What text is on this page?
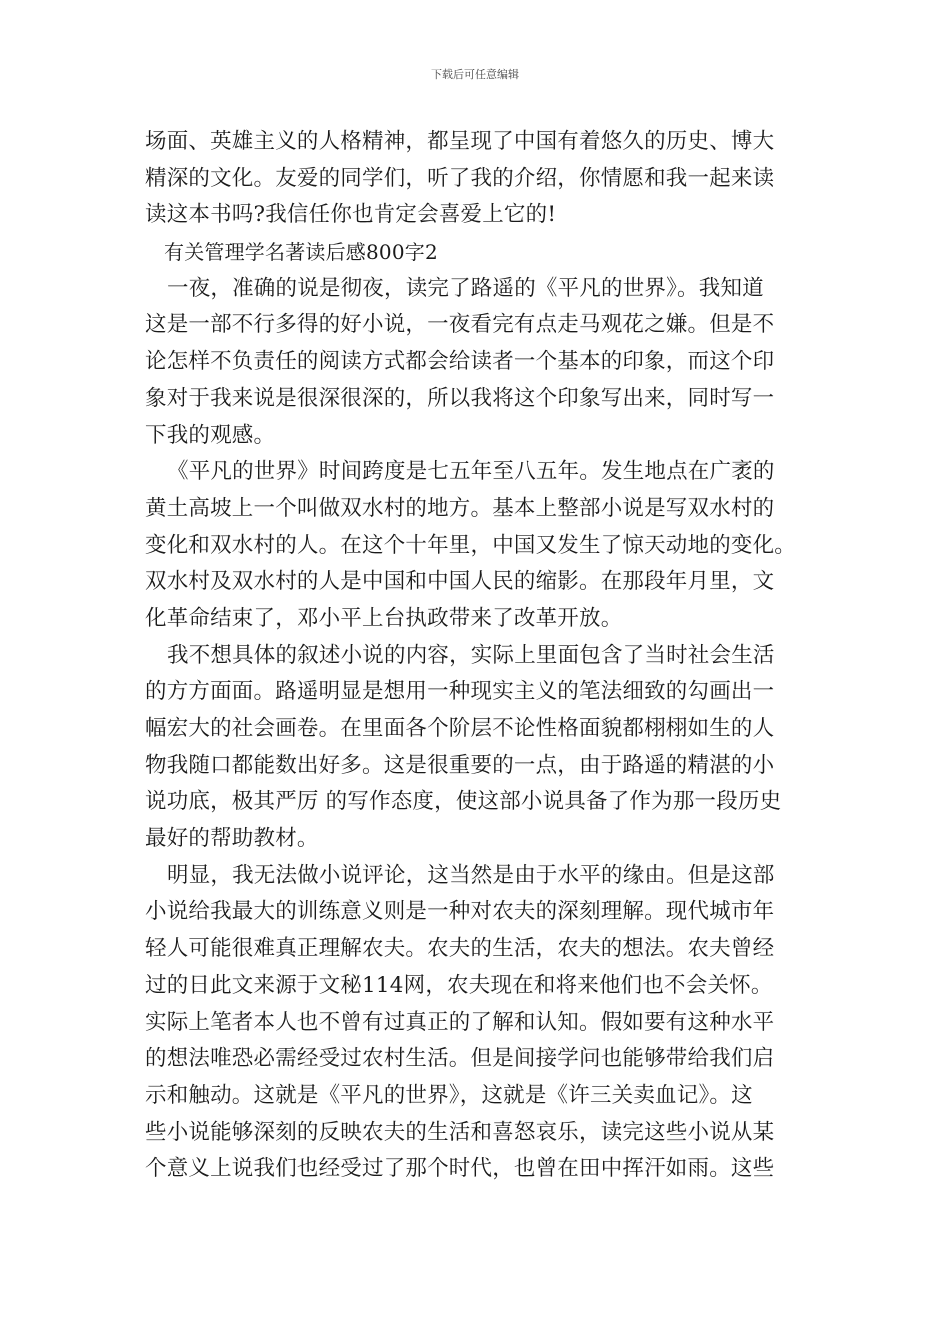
下载后可任意编辑
场面、英雄主义的人格精神，都呈现了中国有着悠久的历史、博大
精深的文化。友爱的同学们，听了我的介绍，你情愿和我一起来读
读这本书吗?我信任你也肯定会喜爱上它的!
有关管理学名著读后感800字2
一夜，准确的说是彻夜，读完了路遥的《平凡的世界》。我知道
这是一部不行多得的好小说，一夜看完有点走马观花之嫌。但是不
论怎样不负责任的阅读方式都会给读者一个基本的印象，而这个印
象对于我来说是很深很深的，所以我将这个印象写出来，同时写一
下我的观感。
《平凡的世界》时间跨度是七五年至八五年。发生地点在广袤的
黄土高坡上一个叫做双水村的地方。基本上整部小说是写双水村的
变化和双水村的人。在这个十年里，中国又发生了惊天动地的变化。
双水村及双水村的人是中国和中国人民的缩影。在那段年月里，文
化革命结束了，邓小平上台执政带来了改革开放。
我不想具体的叙述小说的内容，实际上里面包含了当时社会生活
的方方面面。路遥明显是想用一种现实主义的笔法细致的勾画出一
幅宏大的社会画卷。在里面各个阶层不论性格面貌都栩栩如生的人
物我随口都能数出好多。这是很重要的一点，由于路遥的精湛的小
说功底，极其严厉 的写作态度，使这部小说具备了作为那一段历史
最好的帮助教材。
明显，我无法做小说评论，这当然是由于水平的缘由。但是这部
小说给我最大的训练意义则是一种对农夫的深刻理解。现代城市年
轻人可能很难真正理解农夫。农夫的生活，农夫的想法。农夫曾经
过的日此文来源于文秘114网，农夫现在和将来他们也不会关怀。
实际上笔者本人也不曾有过真正的了解和认知。假如要有这种水平
的想法唯恐必需经受过农村生活。但是间接学问也能够带给我们启
示和触动。这就是《平凡的世界》，这就是《许三关卖血记》。这
些小说能够深刻的反映农夫的生活和喜怒哀乐，读完这些小说从某
个意义上说我们也经受过了那个时代，也曾在田中挥汗如雨。这些
